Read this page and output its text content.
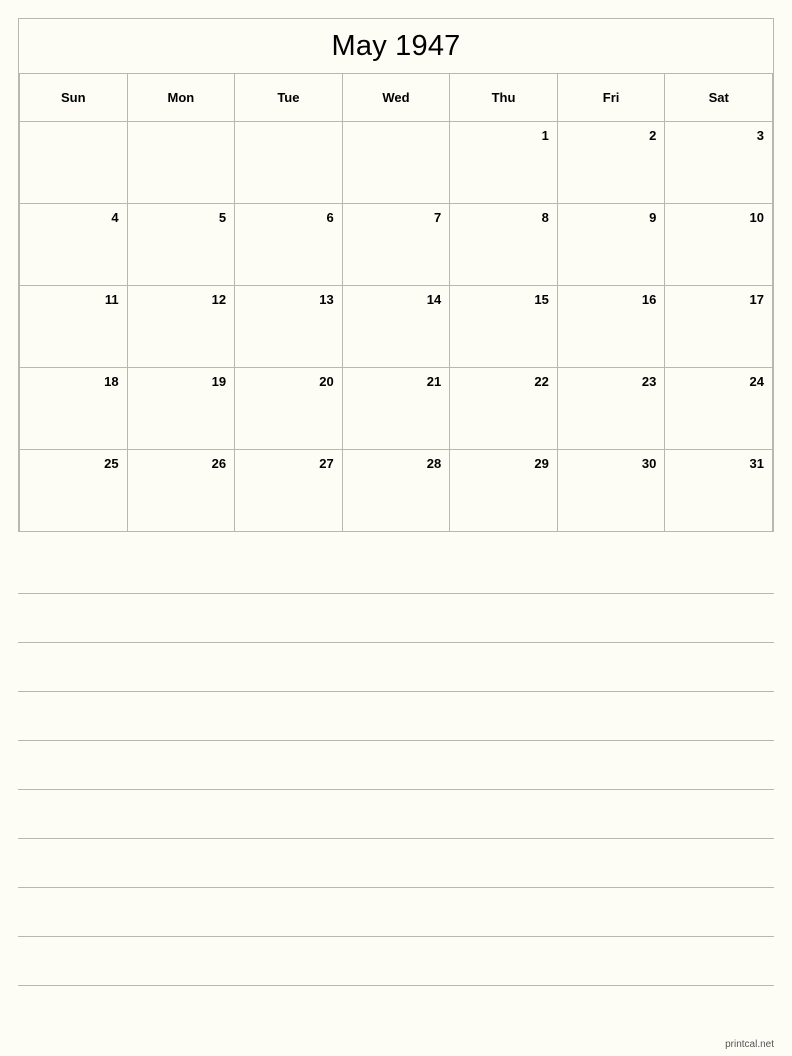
May 1947
Sun	Mon	Tue	Wed	Thu	Fri	Sat
				1	2	3
4	5	6	7	8	9	10
11	12	13	14	15	16	17
18	19	20	21	22	23	24
25	26	27	28	29	30	31
printcal.net
